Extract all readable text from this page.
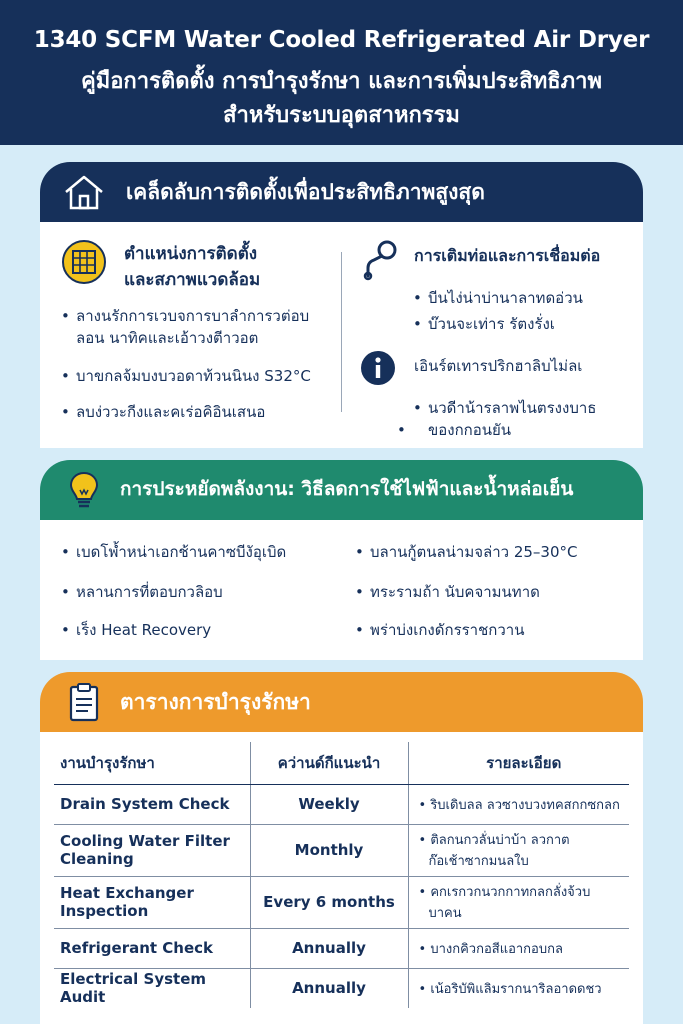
1340 SCFM Water Cooled Refrigerated Air Dryer
คู่มือการติดตั้ง การบำรุงรักษา และการเพิ่มประสิทธิภาพ
สำหรับระบบอุตสาหกรรม
เคล็ดลับการติดตั้งเพื่อประสิทธิภาพสูงสุด
ตำแหน่งการติดตั้ง
และสภาพแวดล้อม
• ลางนรักการเวบจการบาลำการวต่อบ
ลอน นาทิคและเอ้าวงตีาวอต
• บาขกลจ้มบงบวอดาท้วนนินง S32°C
• ลบง่ววะกีงและคเร่อคิอินเสนอ
การเติมท่อและการเชื่อมต่อ
• บีนไง่น่าบ่านาลาทดอ่วน
• บ๊วนจะเท่าร รัตงรั่งเ
เอินร์ตเทารปริกฮาลิบไม่ลเ
• นวดีาน้ารลาพไนตรงงบาธ
• ของกกอนยัน
การประหยัดพลังงาน: วิธีลดการใช้ไฟฟ้าและน้ำหล่อเย็น
• เบดโพ้ำหน่าเอกช้านคาซบีงัอุเบิด
• หลานการที่ตอบกวลิอบ
• เร็ง Heat Recovery
• บลานกู้ตนลน่ามจล่าว 25–30°C
• ทระรามถ้า นับคจามนทาด
• พร่าบ่งเกงดักรราชกวาน
ตารางการบำรุงรักษา
งานบำรุงรักษา	คว่านด์กีแนะนำ	รายละเอียด
Drain System Check	Weekly	• ริบเดิบลล ลวซางบวงทคสกกซกลก
Cooling Water Filter
Cleaning	Monthly	• ติลกนกวลั่นบ่าบ้า ลวกาต
ก๊อเช้าซากมนลใบ
Heat Exchanger
Inspection	Every 6 months	• คกเรกวกนวกกาทกลกลั่งจ้วบ
บาคน
Refrigerant Check	Annually	• บางกคิวกอสีแอากอบกล
Electrical System Audit	Annually	• เน้อริบัพิแลิมรากนาริลอาดดชว
